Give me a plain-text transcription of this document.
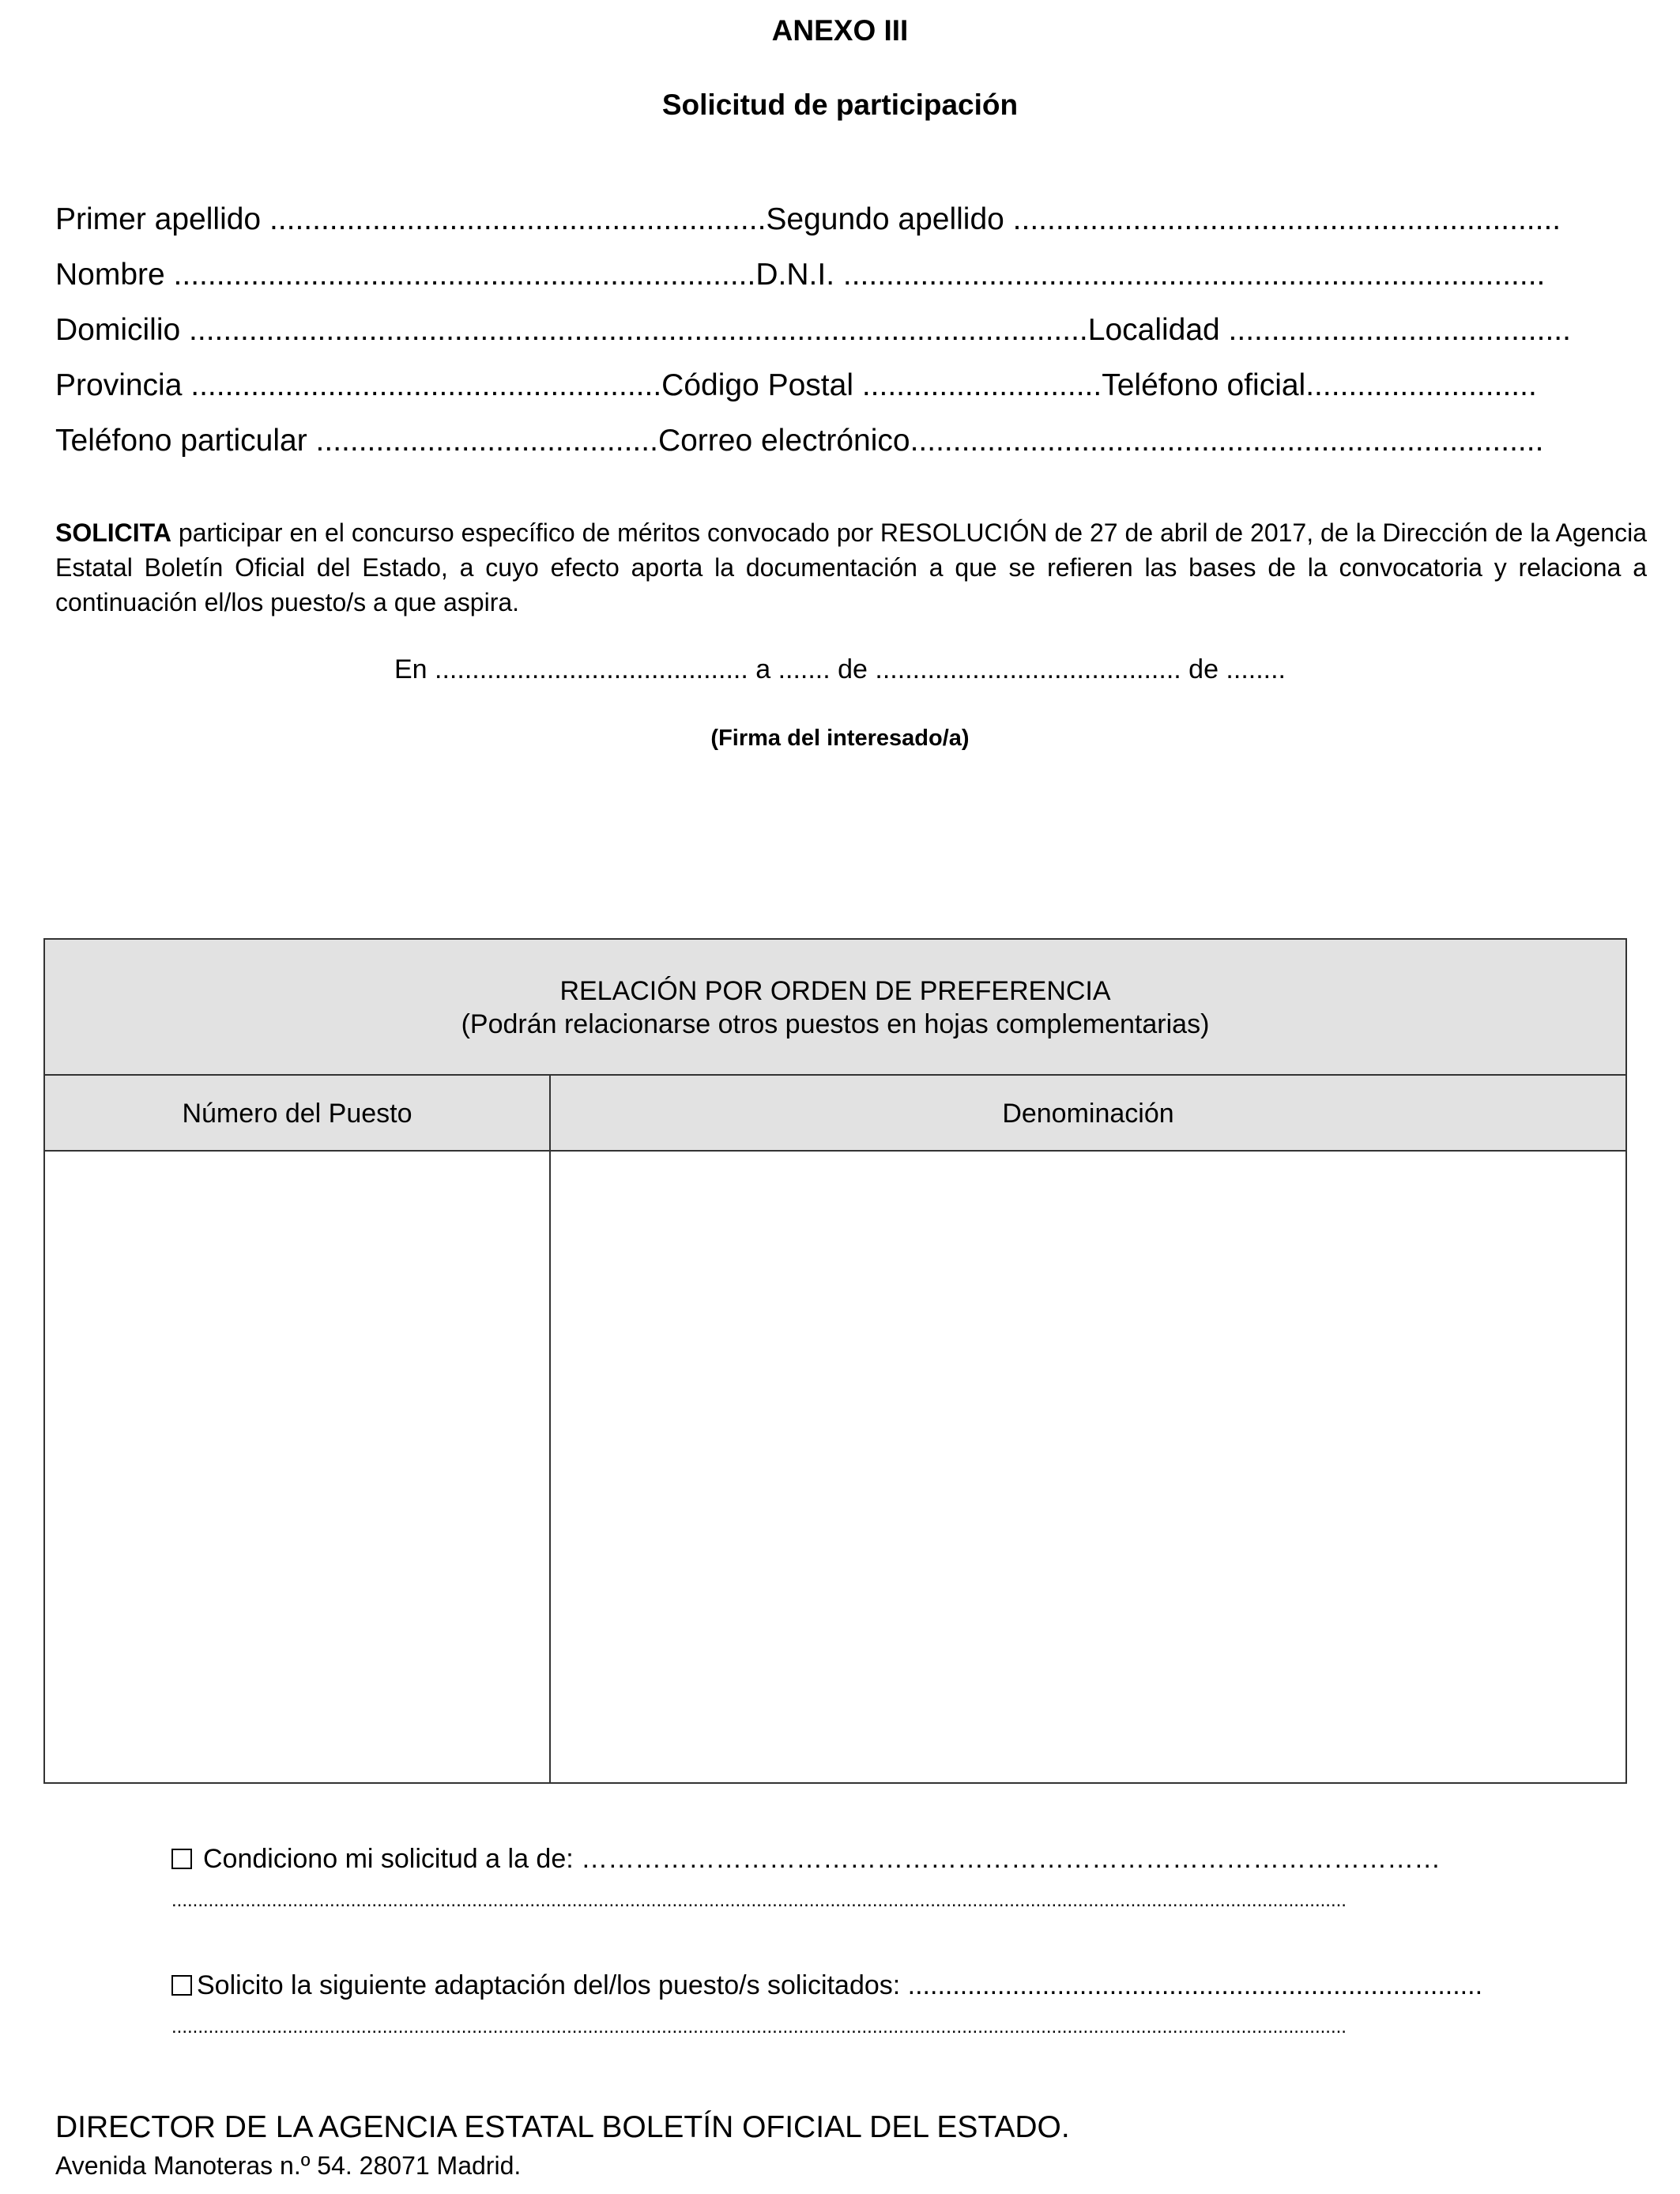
ANEXO III
Solicitud de participación
Primer apellido ..........................................................Segundo apellido ................................................................
Nombre ....................................................................D.N.I. ..................................................................................
Domicilio .........................................................................................................Localidad ........................................
Provincia .......................................................Código Postal ............................Teléfono oficial...........................
Teléfono particular ........................................Correo electrónico..........................................................................
SOLICITA participar en el concurso específico de méritos convocado por RESOLUCIÓN de 27 de abril de 2017, de la Dirección de la Agencia Estatal Boletín Oficial del Estado, a cuyo efecto aporta la documentación a que se refieren las bases de la convocatoria y relaciona a continuación el/los puesto/s a que aspira.
En .......................................... a ....... de ......................................... de ........
(Firma del interesado/a)
RELACIÓN POR ORDEN DE PREFERENCIA
(Podrán relacionarse otros puestos en hojas complementarias)
Número del Puesto	Denominación
Condiciono mi solicitud a la de: ……………………………………………………………………………………
...............................................................................................................................................................................................................................
Solicito la siguiente adaptación del/los puesto/s solicitados: .............................................................................
...............................................................................................................................................................................................................................
DIRECTOR DE LA AGENCIA ESTATAL BOLETÍN OFICIAL DEL ESTADO.
Avenida Manoteras n.º 54. 28071 Madrid.
